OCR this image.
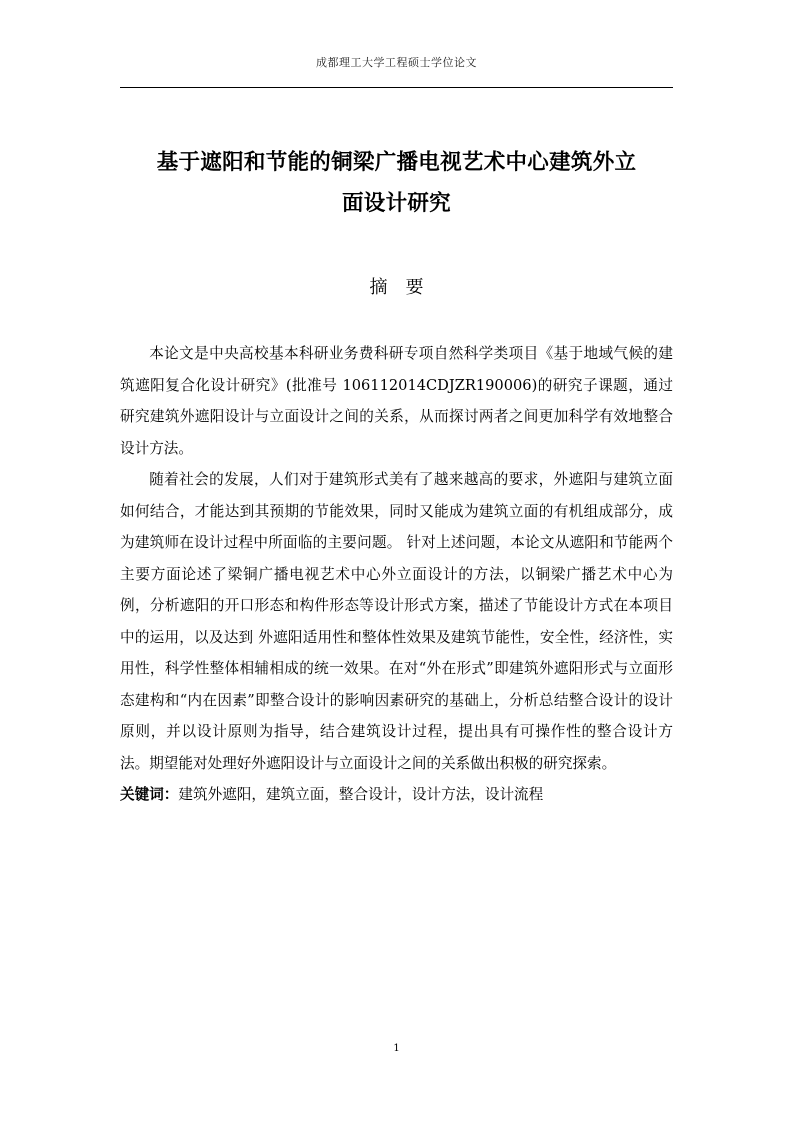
成都理工大学工程硕士学位论文
基于遮阳和节能的铜梁广播电视艺术中心建筑外立
面设计研究
摘要

本论文是中央高校基本科研业务费科研专项自然科学类项目《基于地域气候的建筑遮阳复合化设计研究》(批准号 106112014CDJZR190006)的研究子课题，通过研究建筑外遮阳设计与立面设计之间的关系，从而探讨两者之间更加科学有效地整合设计方法。

随着社会的发展，人们对于建筑形式美有了越来越高的要求，外遮阳与建筑立面如何结合，才能达到其预期的节能效果，同时又能成为建筑立面的有机组成部分，成为建筑师在设计过程中所面临的主要问题。 针对上述问题，本论文从遮阳和节能两个主要方面论述了梁铜广播电视艺术中心外立面设计的方法，以铜梁广播艺术中心为例，分析遮阳的开口形态和构件形态等设计形式方案，描述了节能设计方式在本项目中的运用，以及达到 外遮阳适用性和整体性效果及建筑节能性，安全性，经济性，实用性，科学性整体相辅相成的统一效果。在对“外在形式”即建筑外遮阳形式与立面形态建构和“内在因素”即整合设计的影响因素研究的基础上，分析总结整合设计的设计原则，并以设计原则为指导，结合建筑设计过程，提出具有可操作性的整合设计方法。期望能对处理好外遮阳设计与立面设计之间的关系做出积极的研究探索。

关键词：建筑外遮阳，建筑立面，整合设计，设计方法，设计流程

1
